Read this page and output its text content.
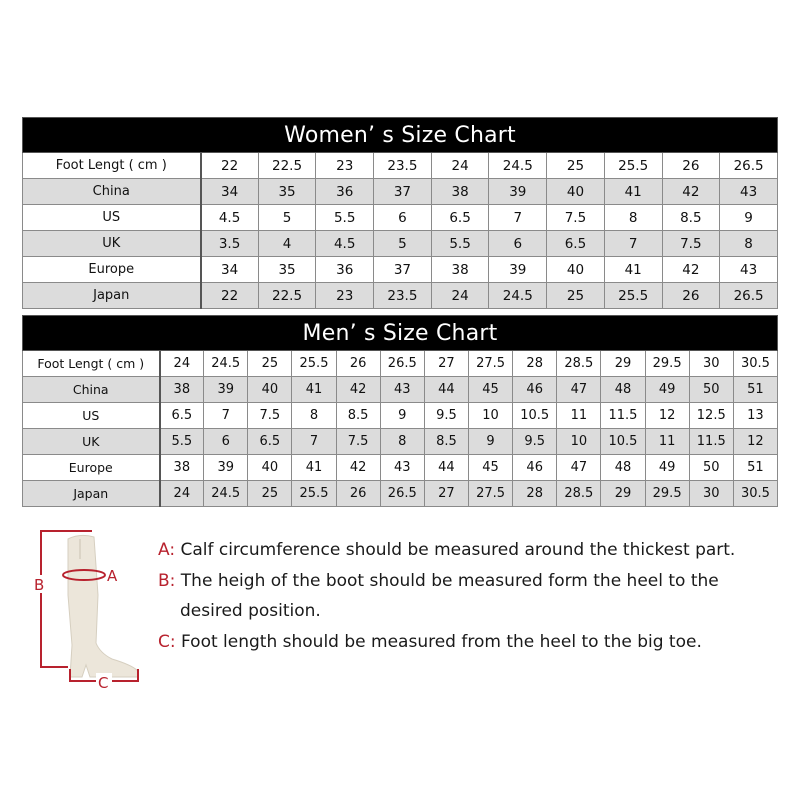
Women’ s Size Chart										
Foot Lengt ( cm )	22	22.5	23	23.5	24	24.5	25	25.5	26	26.5
China	34	35	36	37	38	39	40	41	42	43
US	4.5	5	5.5	6	6.5	7	7.5	8	8.5	9
UK	3.5	4	4.5	5	5.5	6	6.5	7	7.5	8
Europe	34	35	36	37	38	39	40	41	42	43
Japan	22	22.5	23	23.5	24	24.5	25	25.5	26	26.5
Men’ s Size Chart														
Foot Lengt ( cm )	24	24.5	25	25.5	26	26.5	27	27.5	28	28.5	29	29.5	30	30.5
China	38	39	40	41	42	43	44	45	46	47	48	49	50	51
US	6.5	7	7.5	8	8.5	9	9.5	10	10.5	11	11.5	12	12.5	13
UK	5.5	6	6.5	7	7.5	8	8.5	9	9.5	10	10.5	11	11.5	12
Europe	38	39	40	41	42	43	44	45	46	47	48	49	50	51
Japan	24	24.5	25	25.5	26	26.5	27	27.5	28	28.5	29	29.5	30	30.5
A
B
C
A: Calf circumference should be measured around the thickest part.
B: The heigh of the boot should be measured form the heel to the
desired position.
C: Foot length should be measured from the heel to the big toe.
